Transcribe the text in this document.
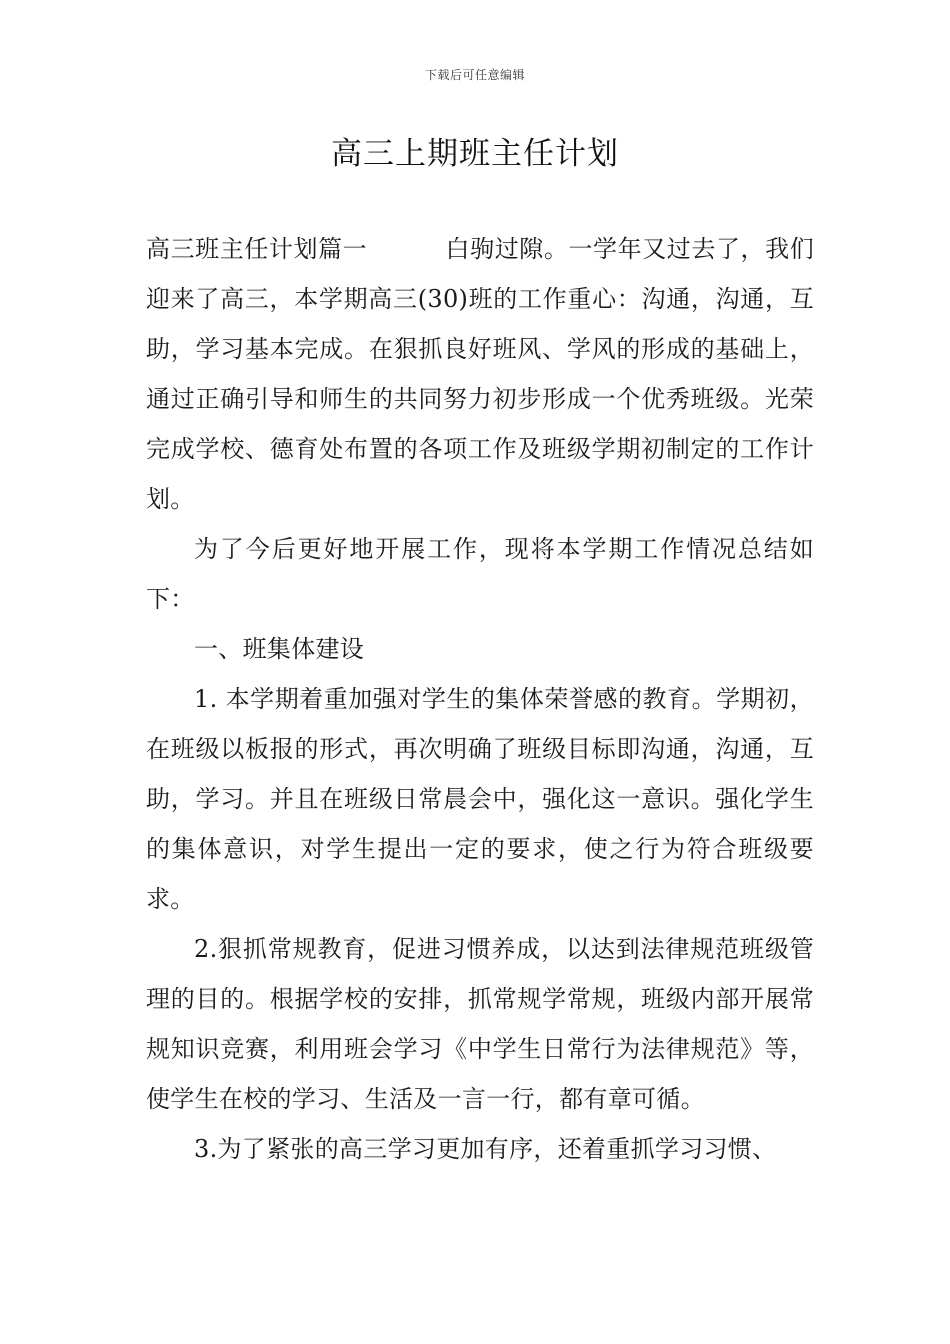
下载后可任意编辑
高三上期班主任计划

高三班主任计划篇一	白驹过隙。一学年又过去了，我们迎来了高三，本学期高三(30)班的工作重心：沟通，沟通，互助，学习基本完成。在狠抓良好班风、学风的形成的基础上，通过正确引导和师生的共同努力初步形成一个优秀班级。光荣完成学校、德育处布置的各项工作及班级学期初制定的工作计划。

为了今后更好地开展工作，现将本学期工作情况总结如下：

一、班集体建设

1. 本学期着重加强对学生的集体荣誉感的教育。学期初，在班级以板报的形式，再次明确了班级目标即沟通，沟通，互助，学习。并且在班级日常晨会中，强化这一意识。强化学生的集体意识，对学生提出一定的要求，使之行为符合班级要求。

2.狠抓常规教育，促进习惯养成，以达到法律规范班级管理的目的。根据学校的安排，抓常规学常规，班级内部开展常规知识竞赛，利用班会学习《中学生日常行为法律规范》等，使学生在校的学习、生活及一言一行，都有章可循。

3.为了紧张的高三学习更加有序，还着重抓学习习惯、
